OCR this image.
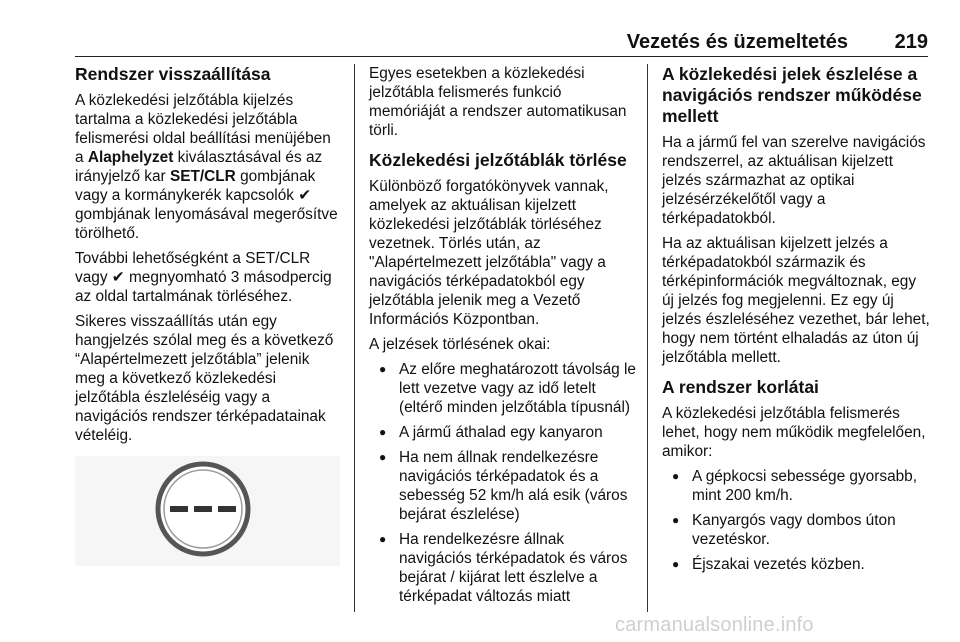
Vezetés és üzemeltetés 219
Rendszer visszaállítása

A közlekedési jelzőtábla kijelzés tartalma a közlekedési jelzőtábla felismerési oldal beállítási menüjében a Alaphelyzet kiválasztásával és az irányjelző kar SET/CLR gombjának vagy a kormánykerék kapcsolók ✔ gombjának lenyomásával megerősítve törölhető.

További lehetőségként a SET/CLR vagy ✔ megnyomható 3 másodpercig az oldal tartalmának törléséhez.

Sikeres visszaállítás után egy hangjelzés szólal meg és a következő “Alapértelmezett jelzőtábla” jelenik meg a következő közlekedési jelzőtábla észleléséig vagy a navigációs rendszer térképadatainak vételéig.

Egyes esetekben a közlekedési jelzőtábla felismerés funkció memóriáját a rendszer automatikusan törli.

Közlekedési jelzőtáblák törlése

Különböző forgatókönyvek vannak, amelyek az aktuálisan kijelzett közlekedési jelzőtáblák törléséhez vezetnek. Törlés után, az "Alapértelmezett jelzőtábla" vagy a navigációs térképadatokból egy jelzőtábla jelenik meg a Vezető Információs Központban.

A jelzések törlésének okai:

● Az előre meghatározott távolság le lett vezetve vagy az idő letelt (eltérő minden jelzőtábla típusnál)
● A jármű áthalad egy kanyaron
● Ha nem állnak rendelkezésre navigációs térképadatok és a sebesség 52 km/h alá esik (város bejárat észlelése)
● Ha rendelkezésre állnak navigációs térképadatok és város bejárat / kijárat lett észlelve a térképadat változás miatt
A közlekedési jelek észlelése a navigációs rendszer működése mellett

Ha a jármű fel van szerelve navigációs rendszerrel, az aktuálisan kijelzett jelzés származhat az optikai jelzésérzékelőtől vagy a térképadatokból.

Ha az aktuálisan kijelzett jelzés a térképadatokból származik és térképinformációk megváltoznak, egy új jelzés fog megjelenni. Ez egy új jelzés észleléséhez vezethet, bár lehet, hogy nem történt elhaladás az úton új jelzőtábla mellett.

A rendszer korlátai

A közlekedési jelzőtábla felismerés lehet, hogy nem működik megfelelően, amikor:

● A gépkocsi sebessége gyorsabb, mint 200 km/h.
● Kanyargós vagy dombos úton vezetéskor.
● Éjszakai vezetés közben.
carmanualsonline.info
